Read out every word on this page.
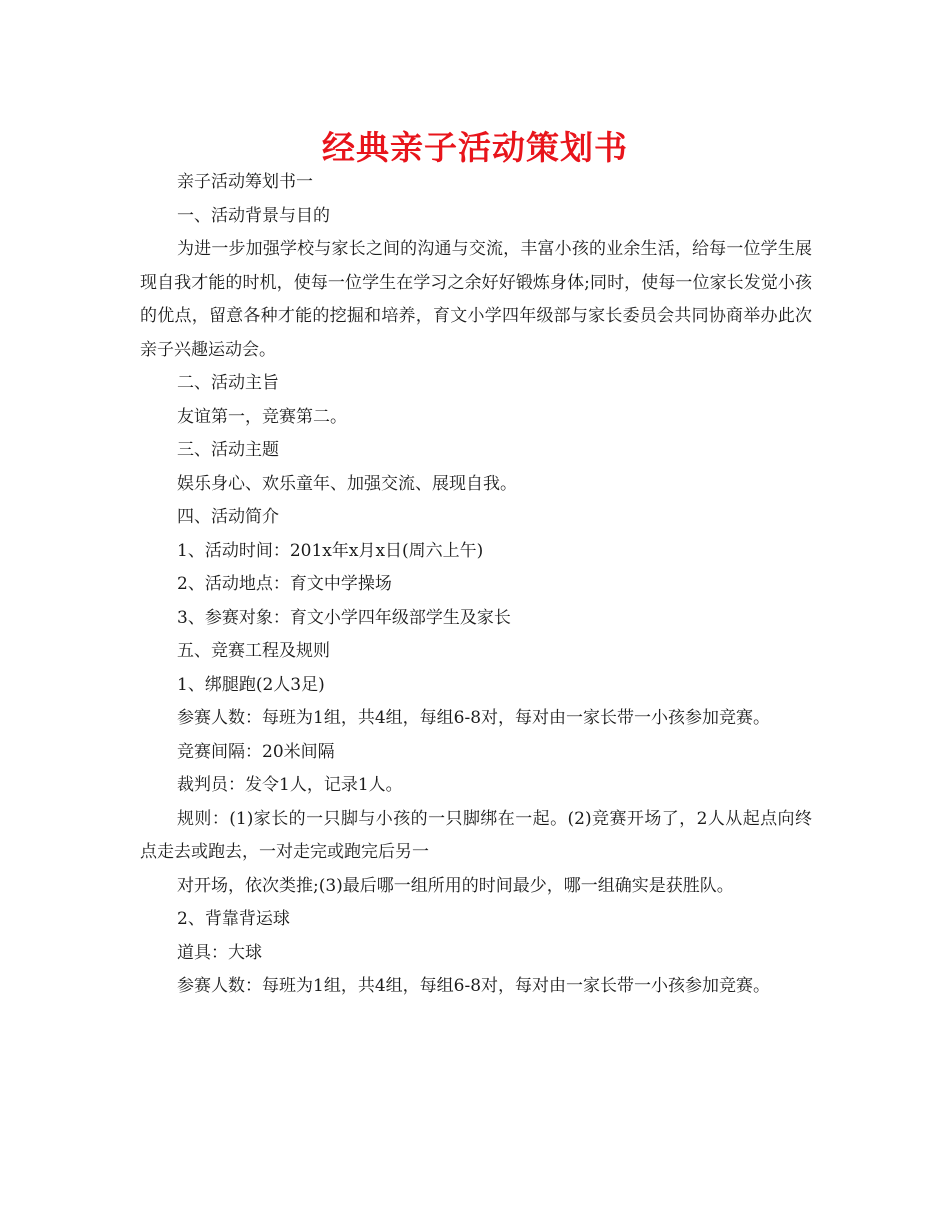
经典亲子活动策划书

亲子活动筹划书一

一、活动背景与目的

为进一步加强学校与家长之间的沟通与交流，丰富小孩的业余生活，给每一位学生展现自我才能的时机，使每一位学生在学习之余好好锻炼身体;同时，使每一位家长发觉小孩的优点，留意各种才能的挖掘和培养，育文小学四年级部与家长委员会共同协商举办此次亲子兴趣运动会。

二、活动主旨

友谊第一，竞赛第二。

三、活动主题

娱乐身心、欢乐童年、加强交流、展现自我。

四、活动简介

1、活动时间：201x年x月x日(周六上午)

2、活动地点：育文中学操场

3、参赛对象：育文小学四年级部学生及家长

五、竞赛工程及规则

1、绑腿跑(2人3足)

参赛人数：每班为1组，共4组，每组6-8对，每对由一家长带一小孩参加竞赛。

竞赛间隔：20米间隔

裁判员：发令1人，记录1人。

规则：(1)家长的一只脚与小孩的一只脚绑在一起。(2)竞赛开场了，2人从起点向终点走去或跑去，一对走完或跑完后另一

对开场，依次类推;(3)最后哪一组所用的时间最少，哪一组确实是获胜队。

2、背靠背运球

道具：大球

参赛人数：每班为1组，共4组，每组6-8对，每对由一家长带一小孩参加竞赛。
